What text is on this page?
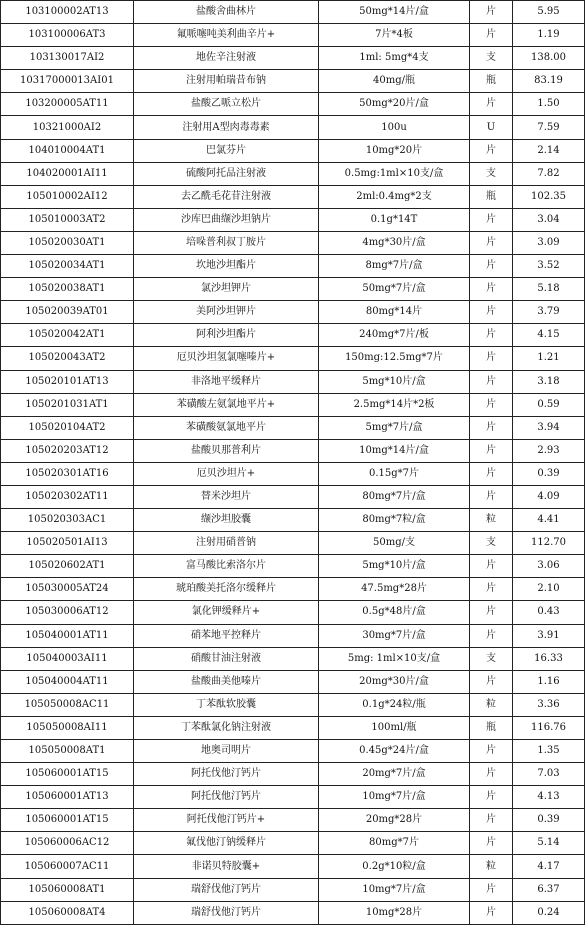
103100002AT13	盐酸舍曲林片	50mg*14片/盒	片	5.95
103100006AT3	氟哌噻吨美利曲辛片+	7片*4板	片	1.19
103130017AI2	地佐辛注射液	1ml: 5mg*4支	支	138.00
10317000013AI01	注射用帕瑞昔布钠	40mg/瓶	瓶	83.19
103200005AT11	盐酸乙哌立松片	50mg*20片/盒	片	1.50
10321000AI2	注射用A型肉毒毒素	100u	U	7.59
104010004AT1	巴氯芬片	10mg*20片	片	2.14
104020001AI11	硫酸阿托品注射液	0.5mg:1ml×10支/盒	支	7.82
105010002AI12	去乙酰毛花苷注射液	2ml:0.4mg*2支	瓶	102.35
105010003AT2	沙库巴曲缬沙坦钠片	0.1g*14T	片	3.04
105020030AT1	培哚普利叔丁胺片	4mg*30片/盒	片	3.09
105020034AT1	坎地沙坦酯片	8mg*7片/盒	片	3.52
105020038AT1	氯沙坦钾片	50mg*7片/盒	片	5.18
105020039AT01	美阿沙坦钾片	80mg*14片	片	3.79
105020042AT1	阿利沙坦酯片	240mg*7片/板	片	4.15
105020043AT2	厄贝沙坦氢氯噻嗪片+	150mg:12.5mg*7片	片	1.21
105020101AT13	非洛地平缓释片	5mg*10片/盒	片	3.18
1050201031AT1	苯磺酸左氨氯地平片+	2.5mg*14片*2板	片	0.59
105020104AT2	苯磺酸氨氯地平片	5mg*7片/盒	片	3.94
105020203AT12	盐酸贝那普利片	10mg*14片/盒	片	2.93
105020301AT16	厄贝沙坦片+	0.15g*7片	片	0.39
105020302AT11	替米沙坦片	80mg*7片/盒	片	4.09
105020303AC1	缬沙坦胶囊	80mg*7粒/盒	粒	4.41
105020501AI13	注射用硝普钠	50mg/支	支	112.70
105020602AT1	富马酸比索洛尔片	5mg*10片/盒	片	3.06
105030005AT24	琥珀酸美托洛尔缓释片	47.5mg*28片	片	2.10
105030006AT12	氯化钾缓释片+	0.5g*48片/盒	片	0.43
105040001AT11	硝苯地平控释片	30mg*7片/盒	片	3.91
105040003AI11	硝酸甘油注射液	5mg: 1ml×10支/盒	支	16.33
105040004AT11	盐酸曲美他嗪片	20mg*30片/盒	片	1.16
105050008AC11	丁苯酞软胶囊	0.1g*24粒/瓶	粒	3.36
105050008AI11	丁苯酞氯化钠注射液	100ml/瓶	瓶	116.76
105050008AT1	地奥司明片	0.45g*24片/盒	片	1.35
105060001AT15	阿托伐他汀钙片	20mg*7片/盒	片	7.03
105060001AT13	阿托伐他汀钙片	10mg*7片/盒	片	4.13
105060001AT15	阿托伐他汀钙片+	20mg*28片	片	0.39
105060006AC12	氟伐他汀钠缓释片	80mg*7片	片	5.14
105060007AC11	非诺贝特胶囊+	0.2g*10粒/盒	粒	4.17
105060008AT1	瑞舒伐他汀钙片	10mg*7片/盒	片	6.37
105060008AT4	瑞舒伐他汀钙片	10mg*28片	片	0.24
